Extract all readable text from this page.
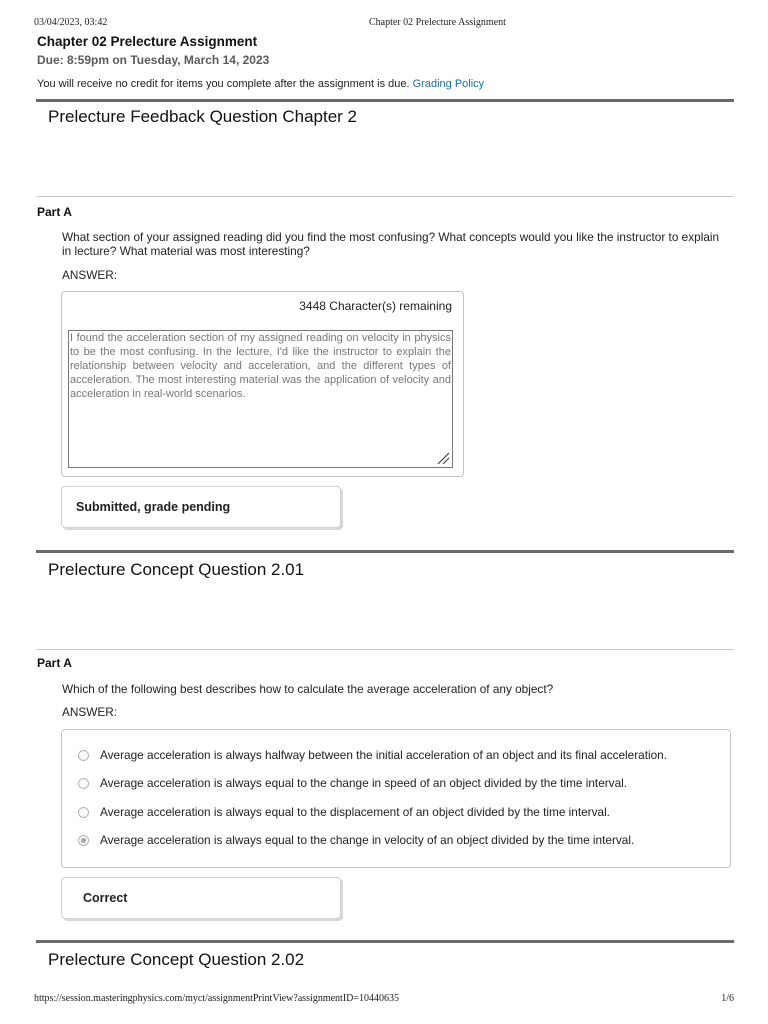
03/04/2023, 03:42	Chapter 02 Prelecture Assignment
Chapter 02 Prelecture Assignment
Due: 8:59pm on Tuesday, March 14, 2023
You will receive no credit for items you complete after the assignment is due. Grading Policy
Prelecture Feedback Question Chapter 2
Part A
What section of your assigned reading did you find the most confusing? What concepts would you like the instructor to explain in lecture? What material was most interesting?
ANSWER:
3448 Character(s) remaining
I found the acceleration section of my assigned reading on velocity in physics to be the most confusing. In the lecture, I'd like the instructor to explain the relationship between velocity and acceleration, and the different types of acceleration. The most interesting material was the application of velocity and acceleration in real-world scenarios.
Submitted, grade pending
Prelecture Concept Question 2.01
Part A
Which of the following best describes how to calculate the average acceleration of any object?
ANSWER:
Average acceleration is always halfway between the initial acceleration of an object and its final acceleration.
Average acceleration is always equal to the change in speed of an object divided by the time interval.
Average acceleration is always equal to the displacement of an object divided by the time interval.
Average acceleration is always equal to the change in velocity of an object divided by the time interval.
Correct
Prelecture Concept Question 2.02
https://session.masteringphysics.com/myct/assignmentPrintView?assignmentID=10440635	1/6
